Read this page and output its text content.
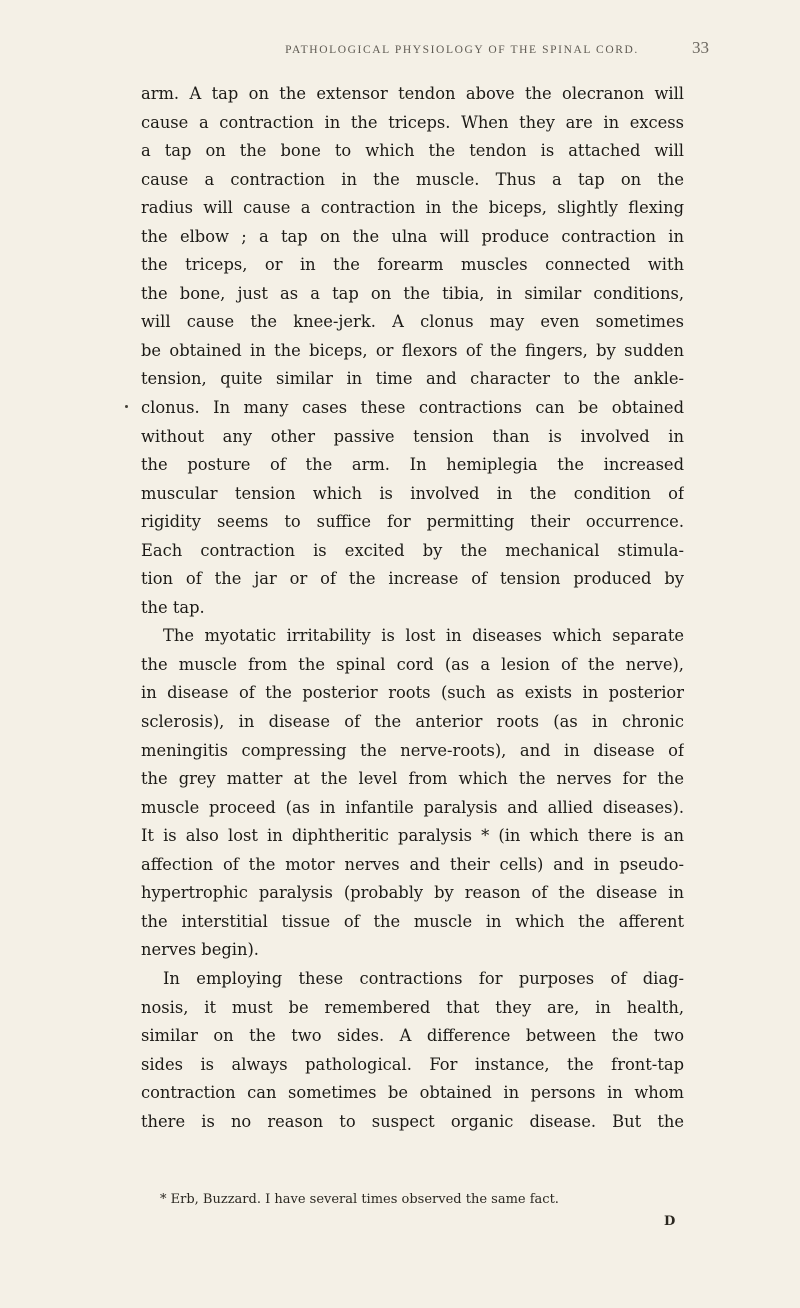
PATHOLOGICAL PHYSIOLOGY OF THE SPINAL CORD.	33
arm. A tap on the extensor tendon above the olecranon will
cause a contraction in the triceps. When they are in excess
a tap on the bone to which the tendon is attached will
cause a contraction in the muscle. Thus a tap on the
radius will cause a contraction in the biceps, slightly flexing
the elbow ; a tap on the ulna will produce contraction in
the triceps, or in the forearm muscles connected with
the bone, just as a tap on the tibia, in similar conditions,
will cause the knee-jerk. A clonus may even sometimes
be obtained in the biceps, or flexors of the fingers, by sudden
tension, quite similar in time and character to the ankle-
clonus. In many cases these contractions can be obtained
without any other passive tension than is involved in
the posture of the arm. In hemiplegia the increased
muscular tension which is involved in the condition of
rigidity seems to suffice for permitting their occurrence.
Each contraction is excited by the mechanical stimula-
tion of the jar or of the increase of tension produced by
the tap.
The myotatic irritability is lost in diseases which separate
the muscle from the spinal cord (as a lesion of the nerve),
in disease of the posterior roots (such as exists in posterior
sclerosis), in disease of the anterior roots (as in chronic
meningitis compressing the nerve-roots), and in disease of
the grey matter at the level from which the nerves for the
muscle proceed (as in infantile paralysis and allied diseases).
It is also lost in diphtheritic paralysis * (in which there is an
affection of the motor nerves and their cells) and in pseudo-
hypertrophic paralysis (probably by reason of the disease in
the interstitial tissue of the muscle in which the afferent
nerves begin).
In employing these contractions for purposes of diag-
nosis, it must be remembered that they are, in health,
similar on the two sides. A difference between the two
sides is always pathological. For instance, the front-tap
contraction can sometimes be obtained in persons in whom
there is no reason to suspect organic disease. But the
* Erb, Buzzard. I have several times observed the same fact.
D
